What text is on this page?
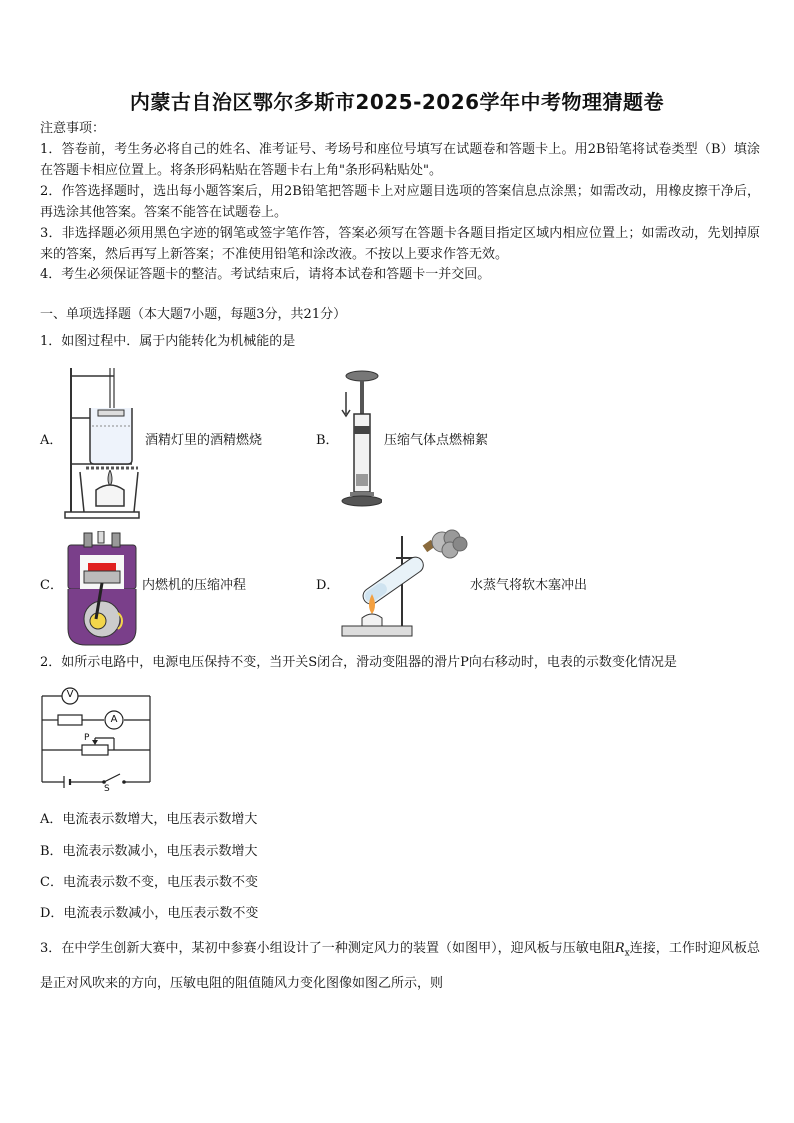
内蒙古自治区鄂尔多斯市2025-2026学年中考物理猜题卷
注意事项：
1．答卷前，考生务必将自己的姓名、准考证号、考场号和座位号填写在试题卷和答题卡上。用2B铅笔将试卷类型（B）填涂在答题卡相应位置上。将条形码粘贴在答题卡右上角"条形码粘贴处"。
2．作答选择题时，选出每小题答案后，用2B铅笔把答题卡上对应题目选项的答案信息点涂黑；如需改动，用橡皮擦干净后，再选涂其他答案。答案不能答在试题卷上。
3．非选择题必须用黑色字迹的钢笔或签字笔作答，答案必须写在答题卡各题目指定区域内相应位置上；如需改动，先划掉原来的答案，然后再写上新答案；不准使用铅笔和涂改液。不按以上要求作答无效。
4．考生必须保证答题卡的整洁。考试结束后，请将本试卷和答题卡一并交回。
一、单项选择题（本大题7小题，每题3分，共21分）
1．如图过程中．属于内能转化为机械能的是
A．	酒精灯里的酒精燃烧	B．	压缩气体点燃棉絮
C．	内燃机的压缩冲程	D．	水蒸气将软木塞冲出
2．如所示电路中，电源电压保持不变，当开关S闭合，滑动变阻器的滑片P向右移动时，电表的示数变化情况是
V
A
P
S
A．电流表示数增大，电压表示数增大
B．电流表示数减小，电压表示数增大
C．电流表示数不变，电压表示数不变
D．电流表示数减小，电压表示数不变
3．在中学生创新大赛中，某初中参赛小组设计了一种测定风力的装置（如图甲），迎风板与压敏电阻$R_x$连接，工作时迎风板总是正对风吹来的方向，压敏电阻的阻值随风力变化图像如图乙所示，则
